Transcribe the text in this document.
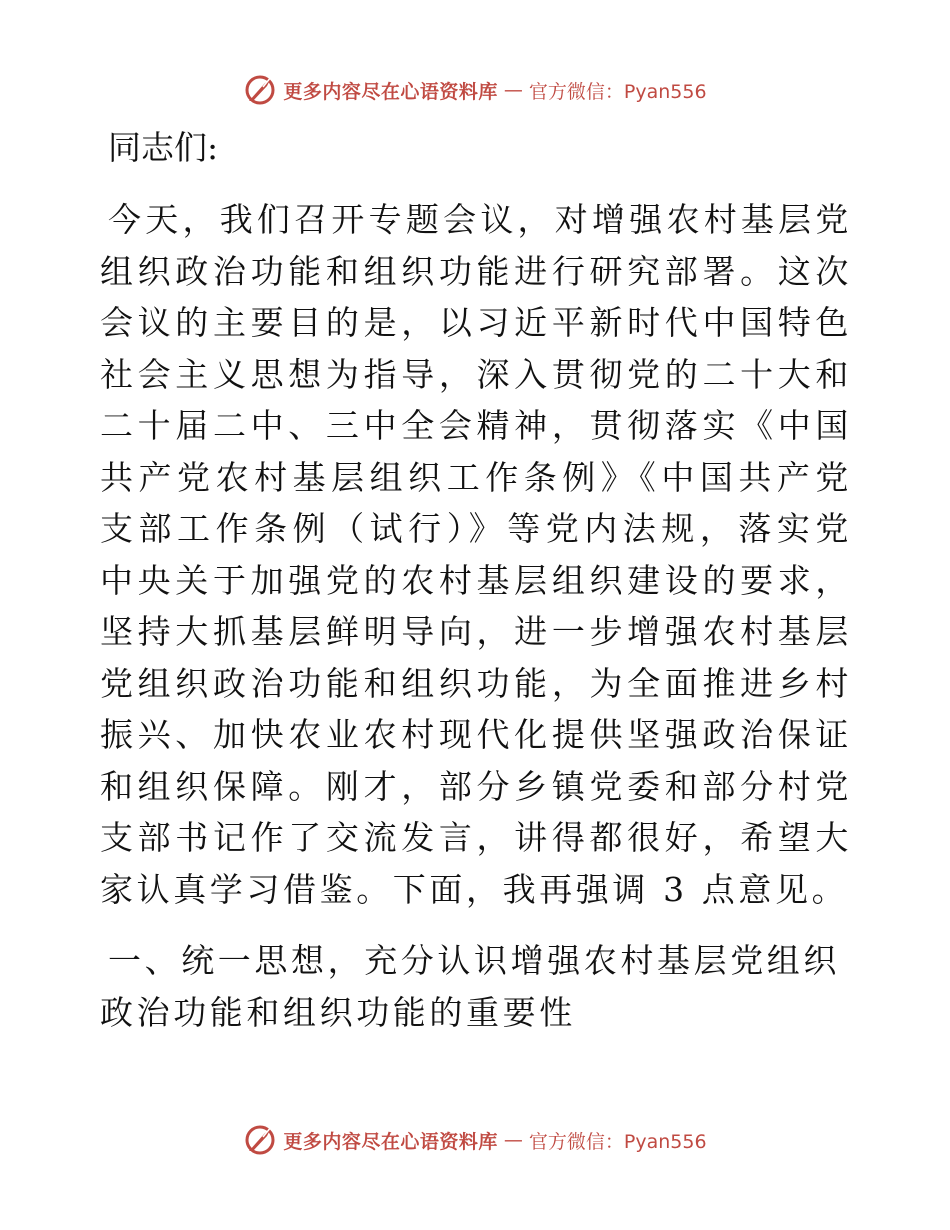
更多内容尽在心语资料库 — 官方微信：Pyan556

同志们:

今天，我们召开专题会议，对增强农村基层党组织政治功能和组织功能进行研究部署。这次会议的主要目的是，以习近平新时代中国特色社会主义思想为指导，深入贯彻党的二十大和二十届二中、三中全会精神，贯彻落实《中国共产党农村基层组织工作条例》《中国共产党支部工作条例（试行）》等党内法规，落实党中央关于加强党的农村基层组织建设的要求，坚持大抓基层鲜明导向，进一步增强农村基层党组织政治功能和组织功能，为全面推进乡村振兴、加快农业农村现代化提供坚强政治保证和组织保障。刚才，部分乡镇党委和部分村党支部书记作了交流发言，讲得都很好，希望大家认真学习借鉴。下面，我再强调 3 点意见。

一、统一思想，充分认识增强农村基层党组织政治功能和组织功能的重要性

更多内容尽在心语资料库 — 官方微信：Pyan556
